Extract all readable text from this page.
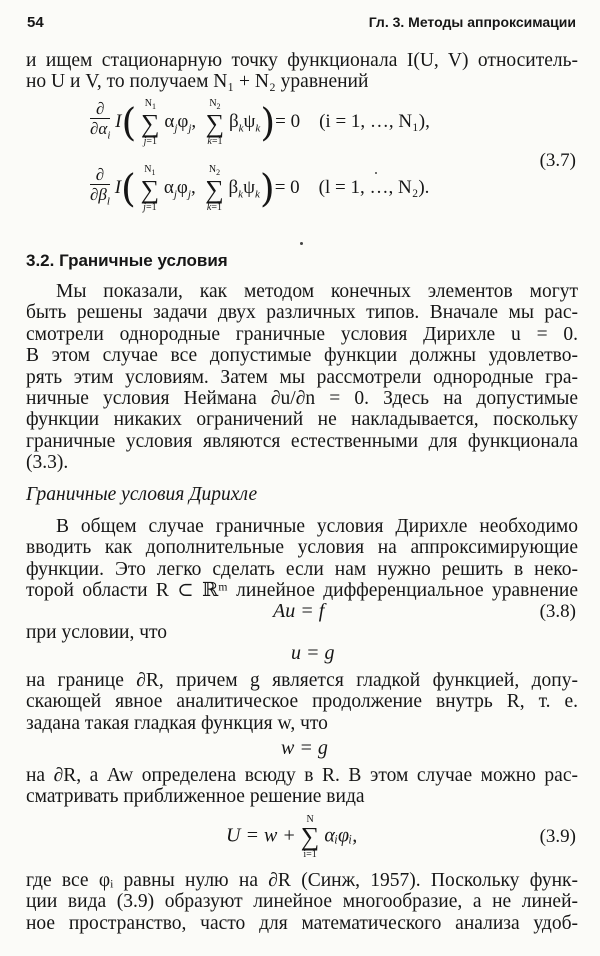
54	Гл. 3. Методы аппроксимации
и ищем стационарную точку функционала I(U, V) относитель-
но U и V, то получаем N₁ + N₂ уравнений
$\frac{\partial}{\partial\alpha_i} I$( $N_1$
∑
j=1
$\alpha_j\varphi_j$,
$N_2$
∑
k=1
$\beta_k\psi_k)= 0$    (i = 1, …, N₁),
(3.7)
$\frac{\partial}{\partial\beta_l} I$( $N_1$
∑
j=1
$\alpha_j\varphi_j$,
$N_2$
∑
k=1
$\beta_k\psi_k)= 0$    (l = 1, …, N₂).
3.2. Граничные условия
Мы показали, как методом конечных элементов могут
быть решены задачи двух различных типов. Вначале мы рас-
смотрели однородные граничные условия Дирихле u = 0.
В этом случае все допустимые функции должны удовлетво-
рять этим условиям. Затем мы рассмотрели однородные гра-
ничные условия Неймана ∂u/∂n = 0. Здесь на допустимые
функции никаких ограничений не накладывается, поскольку
граничные условия являются естественными для функционала
(3.3).
Граничные условия Дирихле
В общем случае граничные условия Дирихле необходимо
вводить как дополнительные условия на аппроксимирующие
функции. Это легко сделать если нам нужно решить в неко-
торой области R ⊂ ℝᵐ линейное дифференциальное уравнение
Au = f	(3.8)
при условии, что
u = g
на границе ∂R, причем g является гладкой функцией, допу-
скающей явное аналитическое продолжение внутрь R, т. е.
задана такая гладкая функция w, что
w = g
на ∂R, а Aw определена всюду в R. В этом случае можно рас-
сматривать приближенное решение вида
U = w +
N
∑
i=1
αᵢφᵢ,	(3.9)
где все φᵢ равны нулю на ∂R (Синж, 1957). Поскольку функ-
ции вида (3.9) образуют линейное многообразие, а не линей-
ное пространство, часто для математического анализа удоб-
